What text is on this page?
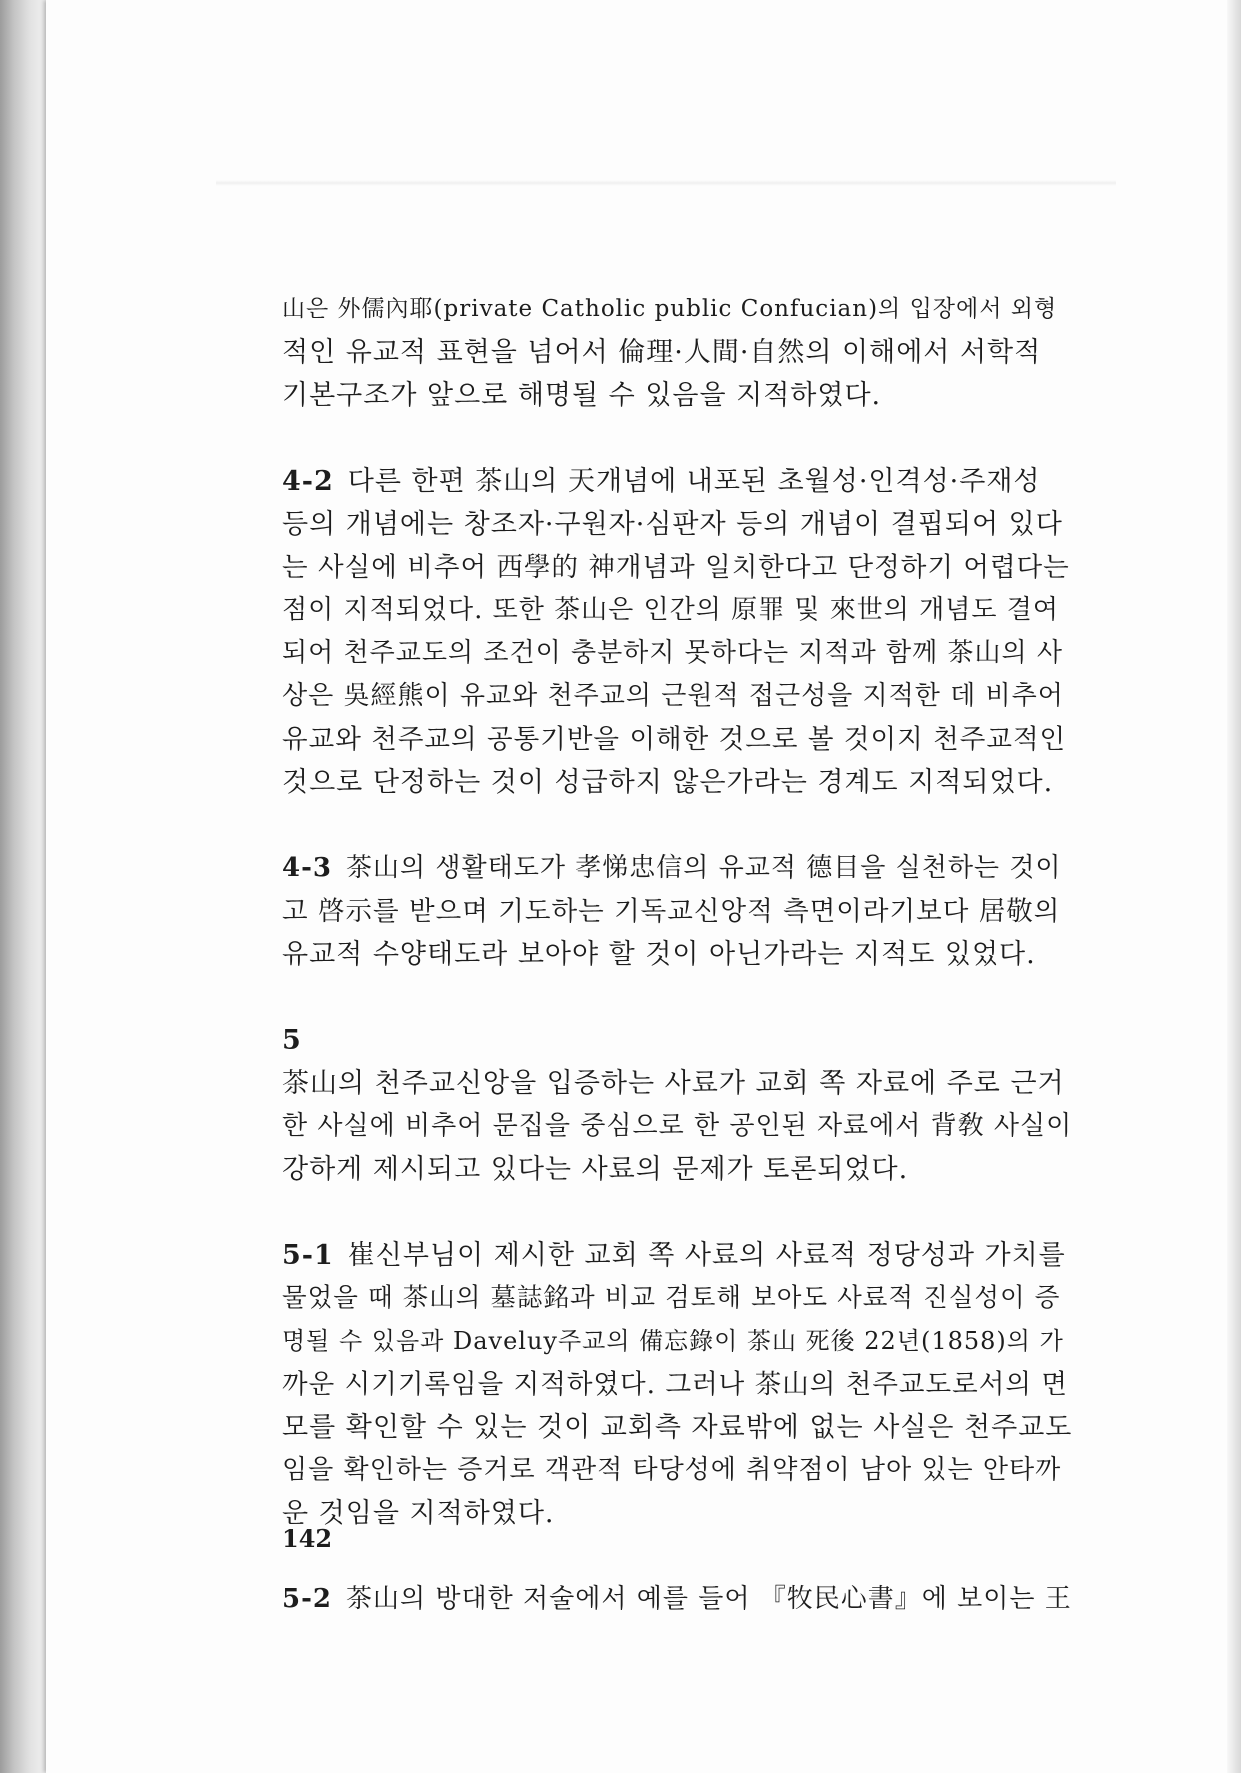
山은 外儒內耶(private Catholic public Confucian)의 입장에서 외형
적인 유교적 표현을 넘어서 倫理·人間·自然의 이해에서 서학적
기본구조가 앞으로 해명될 수 있음을 지적하였다.
4-2 다른 한편 茶山의 天개념에 내포된 초월성·인격성·주재성
등의 개념에는 창조자·구원자·심판자 등의 개념이 결핍되어 있다
는 사실에 비추어 西學的 神개념과 일치한다고 단정하기 어렵다는
점이 지적되었다. 또한 茶山은 인간의 原罪 및 來世의 개념도 결여
되어 천주교도의 조건이 충분하지 못하다는 지적과 함께 茶山의 사
상은 吳經熊이 유교와 천주교의 근원적 접근성을 지적한 데 비추어
유교와 천주교의 공통기반을 이해한 것으로 볼 것이지 천주교적인
것으로 단정하는 것이 성급하지 않은가라는 경계도 지적되었다.
4-3 茶山의 생활태도가 孝悌忠信의 유교적 德目을 실천하는 것이
고 啓示를 받으며 기도하는 기독교신앙적 측면이라기보다 居敬의
유교적 수양태도라 보아야 할 것이 아닌가라는 지적도 있었다.
5
茶山의 천주교신앙을 입증하는 사료가 교회 쪽 자료에 주로 근거
한 사실에 비추어 문집을 중심으로 한 공인된 자료에서 背敎 사실이
강하게 제시되고 있다는 사료의 문제가 토론되었다.
5-1 崔신부님이 제시한 교회 쪽 사료의 사료적 정당성과 가치를
물었을 때 茶山의 墓誌銘과 비교 검토해 보아도 사료적 진실성이 증
명될 수 있음과 Daveluy주교의 備忘錄이 茶山 死後 22년(1858)의 가
까운 시기기록임을 지적하였다. 그러나 茶山의 천주교도로서의 면
모를 확인할 수 있는 것이 교회측 자료밖에 없는 사실은 천주교도
임을 확인하는 증거로 객관적 타당성에 취약점이 남아 있는 안타까
운 것임을 지적하였다.
5-2 茶山의 방대한 저술에서 예를 들어 『牧民心書』에 보이는 王
142
